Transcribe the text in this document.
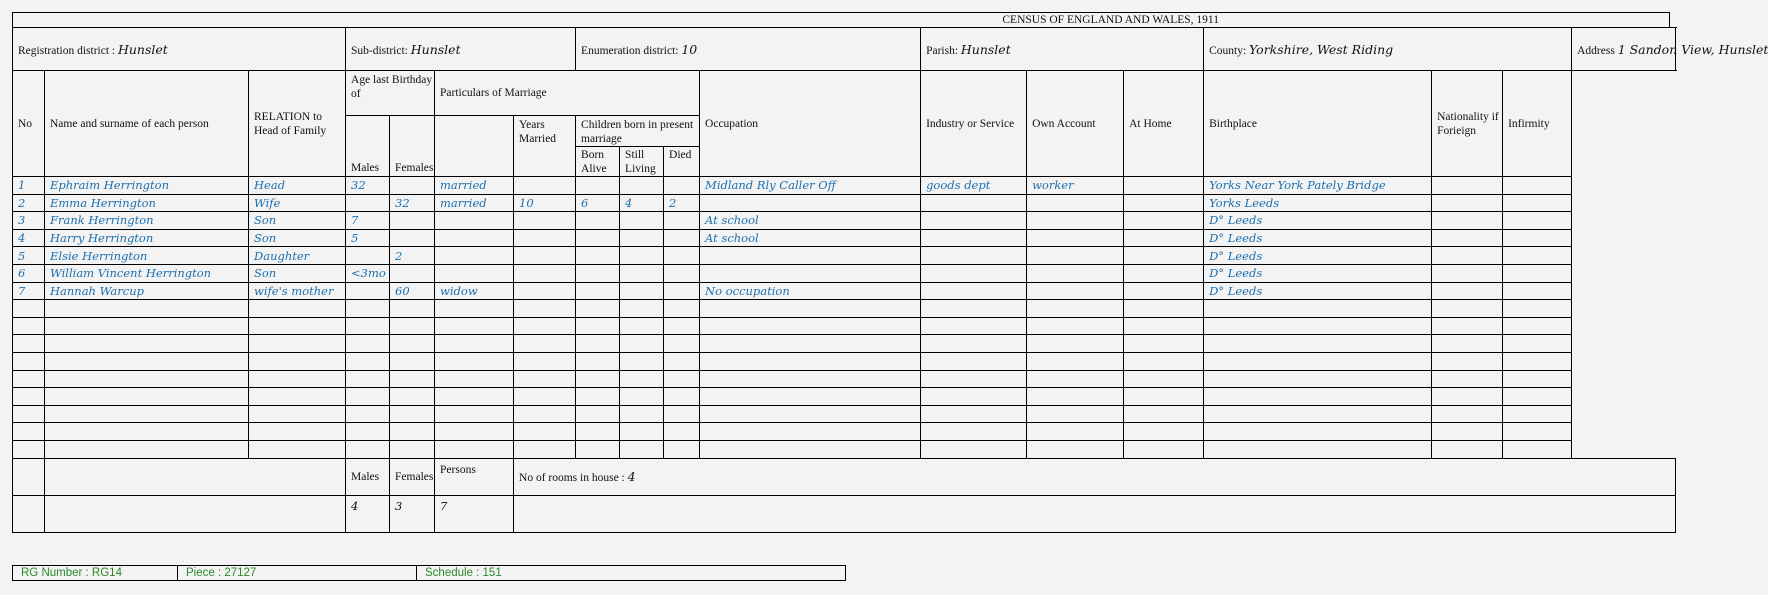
CENSUS OF ENGLAND AND WALES, 1911
Registration district : Hunslet			Sub-district: Hunslet				Enumeration district: 10				Parish: Hunslet			County: Yorkshire, West Riding			Address 1 Sandon View, Hunslet
No	Name and surname of each person	RELATION to Head of Family	Age last Birthday of		Particulars of Marriage					Occupation	Industry or Service	Own Account	At Home	Birthplace	Nationality if Forieign	Infirmity	
			Males	Females		Years Married	Children born in present marriage										
							Born Alive	Still Living	Died								
1	Ephraim Herrington	Head	32		married					Midland Rly Caller Off	goods dept	worker		Yorks Near York Pately Bridge			
2	Emma Herrington	Wife		32	married	10	6	4	2					Yorks Leeds			
3	Frank Herrington	Son	7							At school				D° Leeds			
4	Harry Herrington	Son	5							At school				D° Leeds			
5	Elsie Herrington	Daughter		2										D° Leeds			
6	William Vincent Herrington	Son	<3mo											D° Leeds			
7	Hannah Warcup	wife's mother		60	widow					No occupation				D° Leeds			

			Males	Females	Persons	No of rooms in house : 4											
			4	3	7												
RG Number : RG14	Piece : 27127	Schedule : 151
